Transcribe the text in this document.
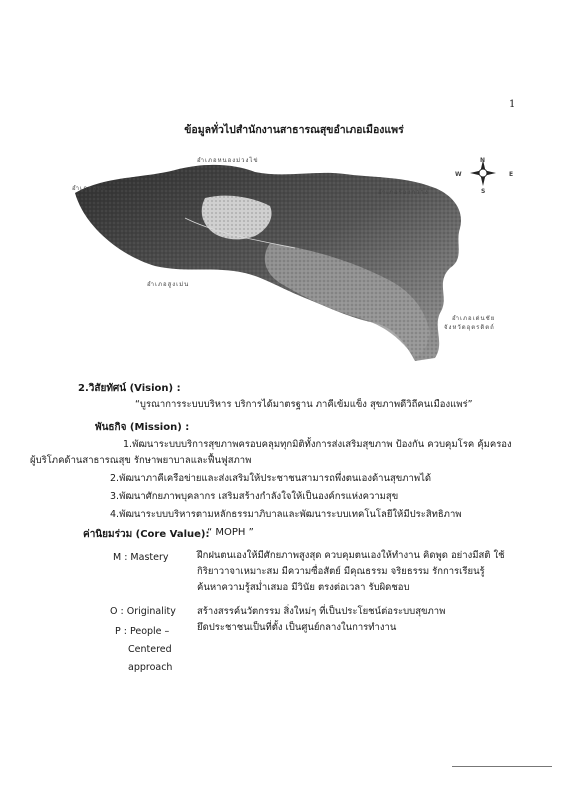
1
ข้อมูลทั่วไปสำนักงานสาธารณสุขอำเภอเมืองแพร่
อำเภอหนองม่วงไข่
อำเภอสอง
อำเภอร้องกวาง
อำเภอสูงเม่น
อำเภอเด่นชัย
จังหวัดอุตรดิตถ์
N
S
E
W
2.วิสัยทัศน์ (Vision) :
“บูรณาการระบบบริหาร บริการได้มาตรฐาน ภาคีเข้มแข็ง สุขภาพดีวิถีคนเมืองแพร่”
พันธกิจ (Mission) :
1.พัฒนาระบบบริการสุขภาพครอบคลุมทุกมิติทั้งการส่งเสริมสุขภาพ ป้องกัน ควบคุมโรค คุ้มครอง
ผู้บริโภคด้านสาธารณสุข รักษาพยาบาลและฟื้นฟูสภาพ
2.พัฒนาภาคีเครือข่ายและส่งเสริมให้ประชาชนสามารถพึ่งตนเองด้านสุขภาพได้
3.พัฒนาศักยภาพบุคลากร เสริมสร้างกำลังใจให้เป็นองค์กรแห่งความสุข
4.พัฒนาระบบบริหารตามหลักธรรมาภิบาลและพัฒนาระบบเทคโนโลยีให้มีประสิทธิภาพ
ค่านิยมร่วม (Core Value):
“ MOPH ”
M : Mastery	ฝึกฝนตนเองให้มีศักยภาพสูงสุด ควบคุมตนเองให้ทำงาน คิดพูด อย่างมีสติ ใช้
กิริยาวาจาเหมาะสม มีความซื่อสัตย์ มีคุณธรรม จริยธรรม รักการเรียนรู้
ค้นหาความรู้สม่ำเสมอ มีวินัย ตรงต่อเวลา รับผิดชอบ
O : Originality สร้างสรรค์นวัตกรรม สิ่งใหม่ๆ ที่เป็นประโยชน์ต่อระบบสุขภาพ
P : People –
Centered
approach
ยึดประชาชนเป็นที่ตั้ง เป็นศูนย์กลางในการทำงาน
